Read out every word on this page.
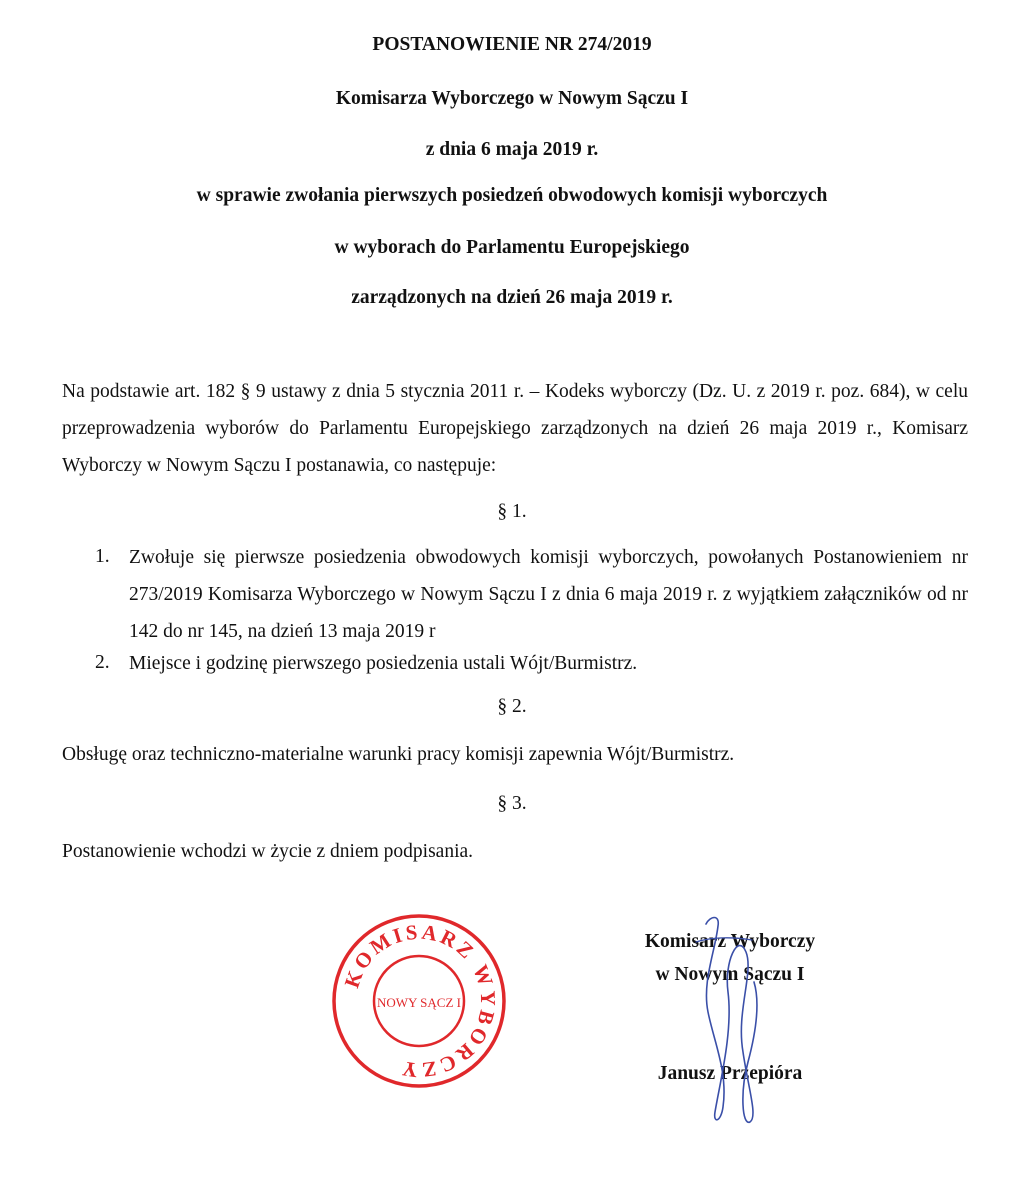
POSTANOWIENIE NR 274/2019

Komisarza Wyborczego w Nowym Sączu I

z dnia 6 maja 2019 r.

w sprawie zwołania pierwszych posiedzeń obwodowych komisji wyborczych

w wyborach do Parlamentu Europejskiego

zarządzonych na dzień 26 maja 2019 r.

Na podstawie art. 182 § 9 ustawy z dnia 5 stycznia 2011 r. – Kodeks wyborczy (Dz. U. z 2019 r. poz. 684), w celu przeprowadzenia wyborów do Parlamentu Europejskiego zarządzonych na dzień 26 maja 2019 r., Komisarz Wyborczy w Nowym Sączu I postanawia, co następuje:

§ 1.
1. Zwołuje się pierwsze posiedzenia obwodowych komisji wyborczych, powołanych Postanowieniem nr 273/2019 Komisarza Wyborczego w Nowym Sączu I z dnia 6 maja 2019 r. z wyjątkiem załączników od nr 142 do nr 145, na dzień 13 maja 2019 r
2. Miejsce i godzinę pierwszego posiedzenia ustali Wójt/Burmistrz.
§ 2.
Obsługę oraz techniczno-materialne warunki pracy komisji zapewnia Wójt/Burmistrz.
§ 3.
Postanowienie wchodzi w życie z dniem podpisania.
KOMISARZ WYBORCZY
NOWY SĄCZ I
Komisarz Wyborczy
w Nowym Sączu I
Janusz Przepióra
